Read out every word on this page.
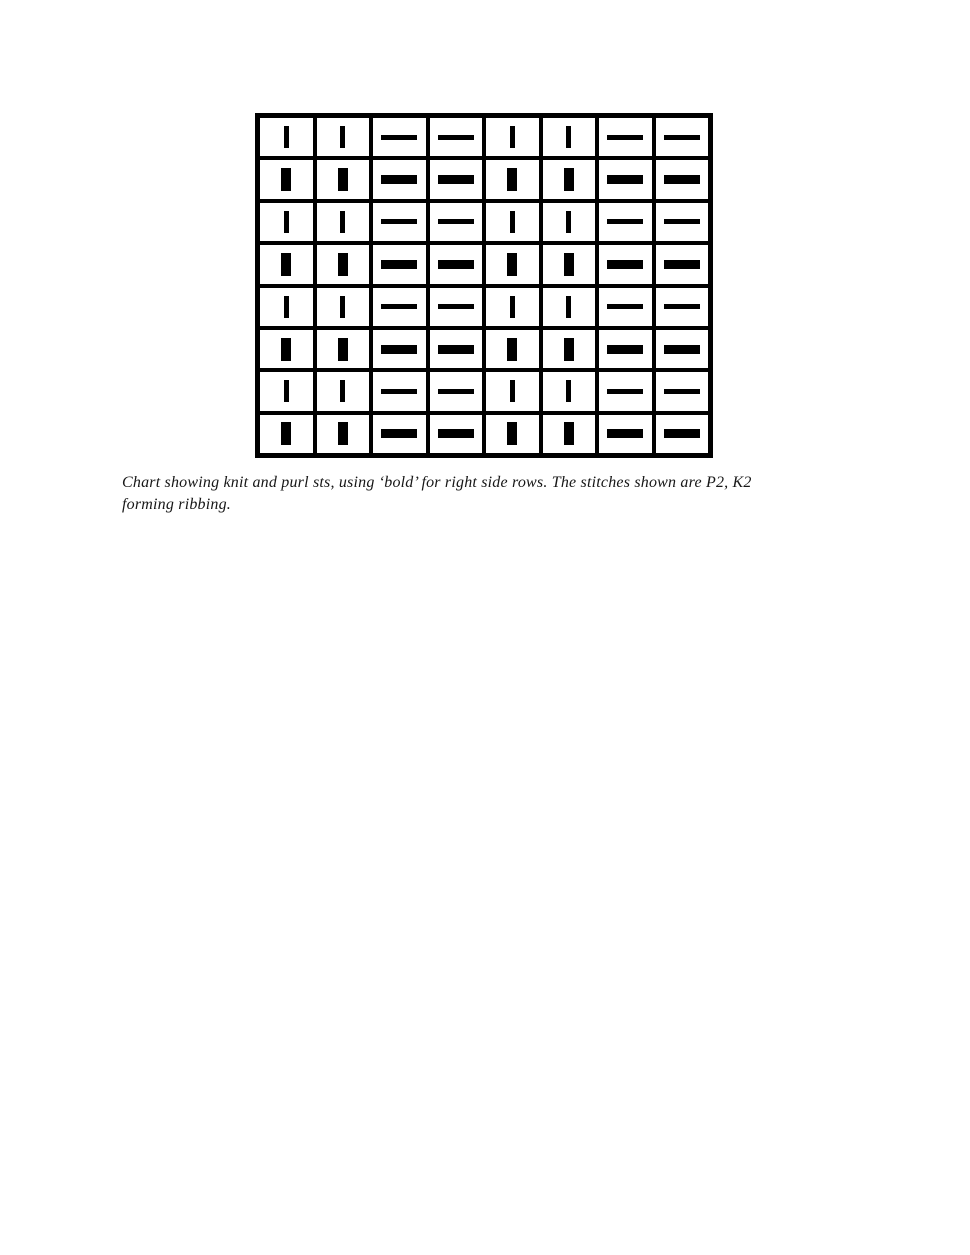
Chart showing knit and purl sts, using ‘bold’ for right side rows. The stitches shown are P2, K2
forming ribbing.
